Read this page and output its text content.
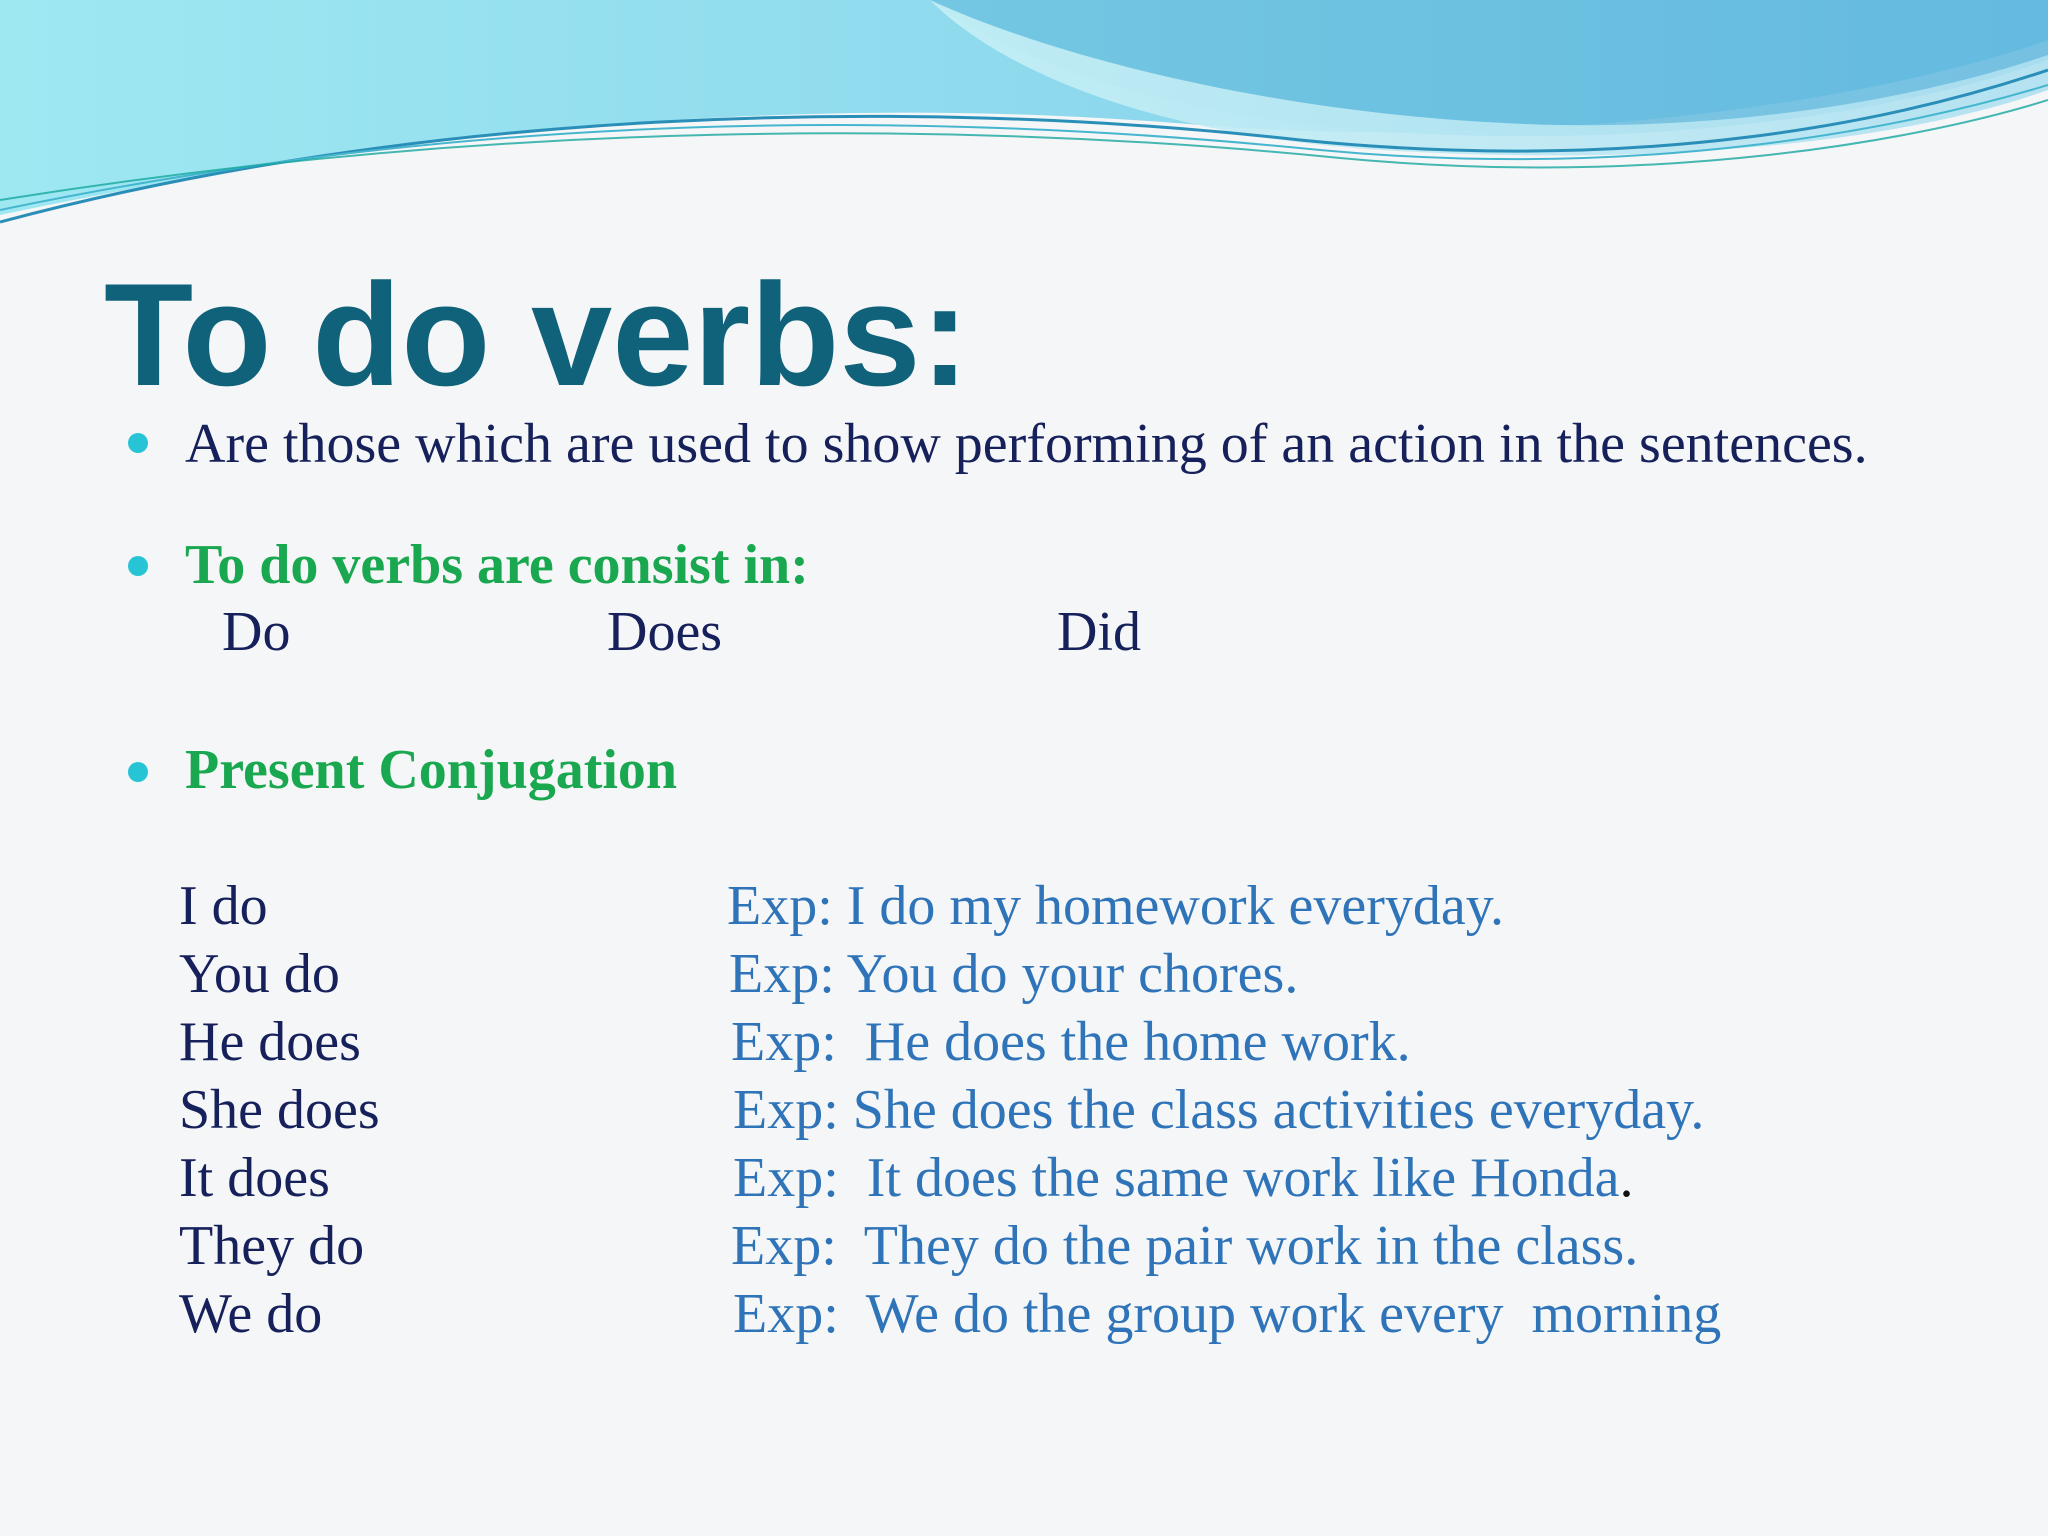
To do verbs:

Are those which are used to show performing of an action in the sentences.

To do verbs are consist in:

Do	Does	Did

Present Conjugation

I do	Exp: I do my homework everyday.
You do	Exp: You do your chores.
He does	Exp:  He does the home work.
She does	Exp: She does the class activities everyday.
It does	Exp:  It does the same work like Honda.
They do	Exp:  They do the pair work in the class.
We do	Exp:  We do the group work every  morning
